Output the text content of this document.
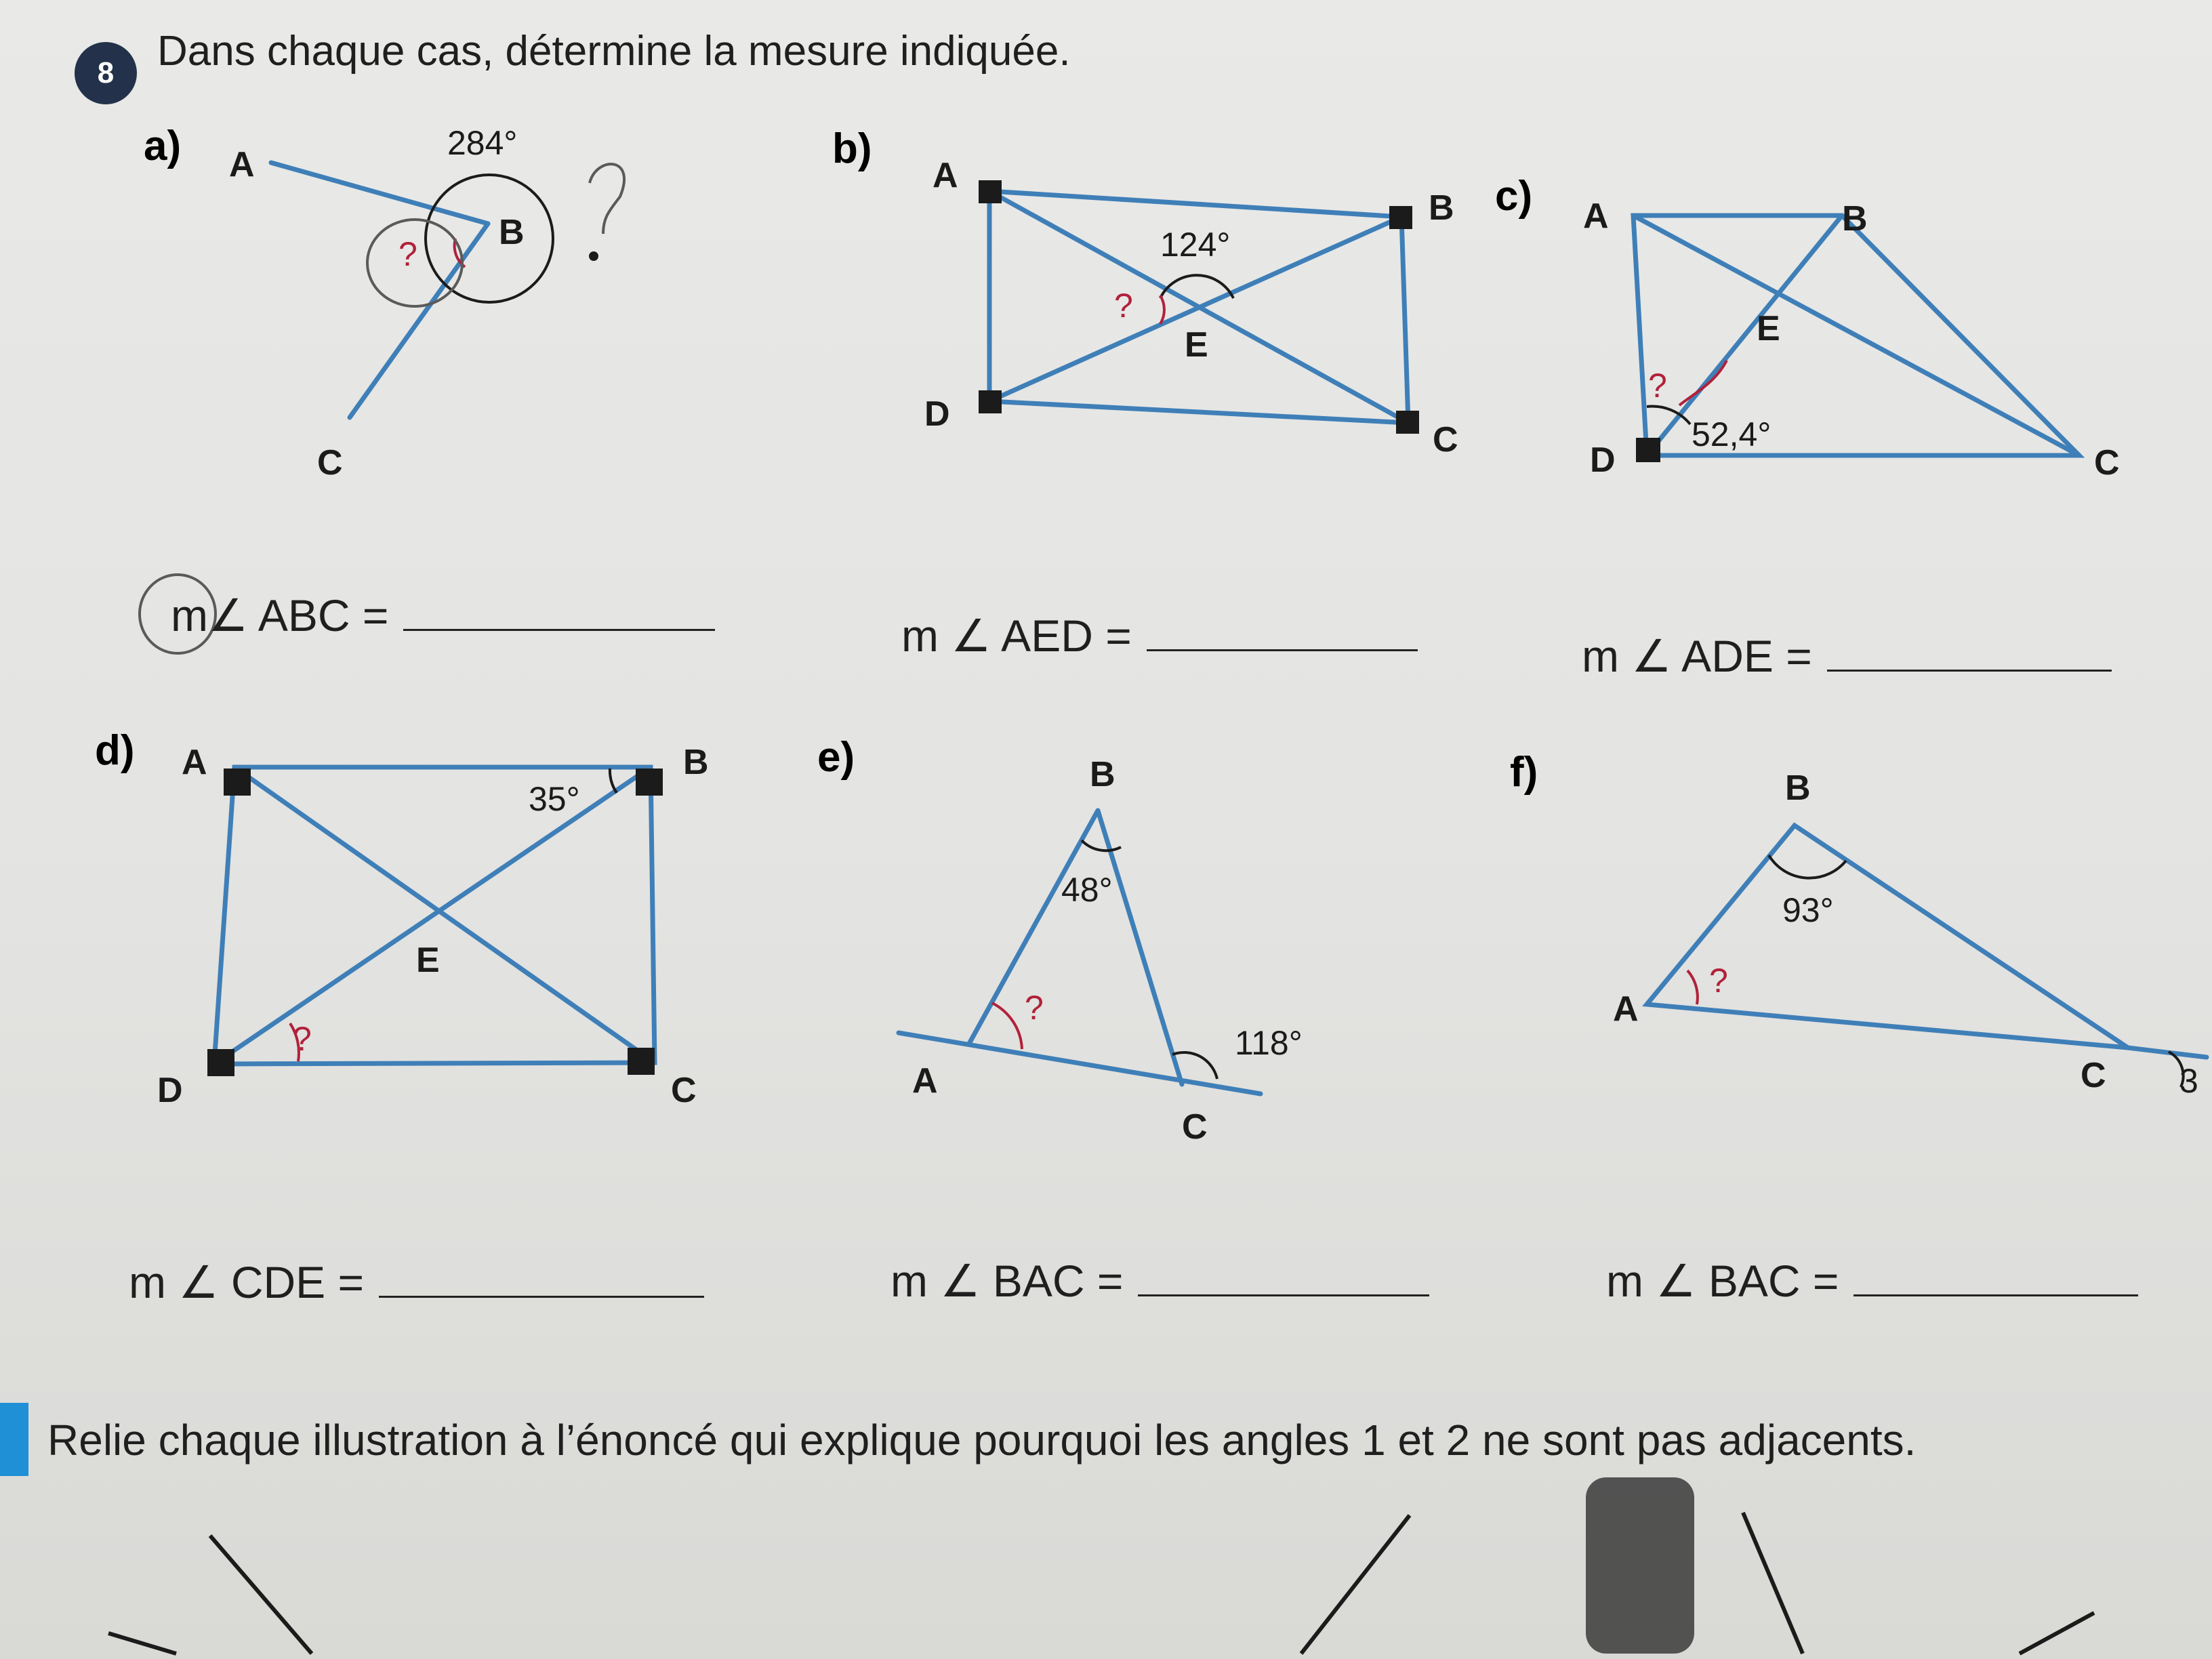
8 Dans chaque cas, détermine la mesure indiquée.
a) A
B
C
284°
?
b)
A
B
C
D
E
124°
?
c) A	B
C
D
E
52,4°
?
d) A	B
C
D
E
35°
?
e)
A
B
C
48°
118°
?
f)
A
B
C
93°
3
?
m∠ ABC =	m ∠ AED =	m ∠ ADE =
m ∠ CDE =	m ∠ BAC =	m ∠ BAC =
Relie chaque illustration à l’énoncé qui explique pourquoi les angles 1 et 2 ne sont pas adjacents.
